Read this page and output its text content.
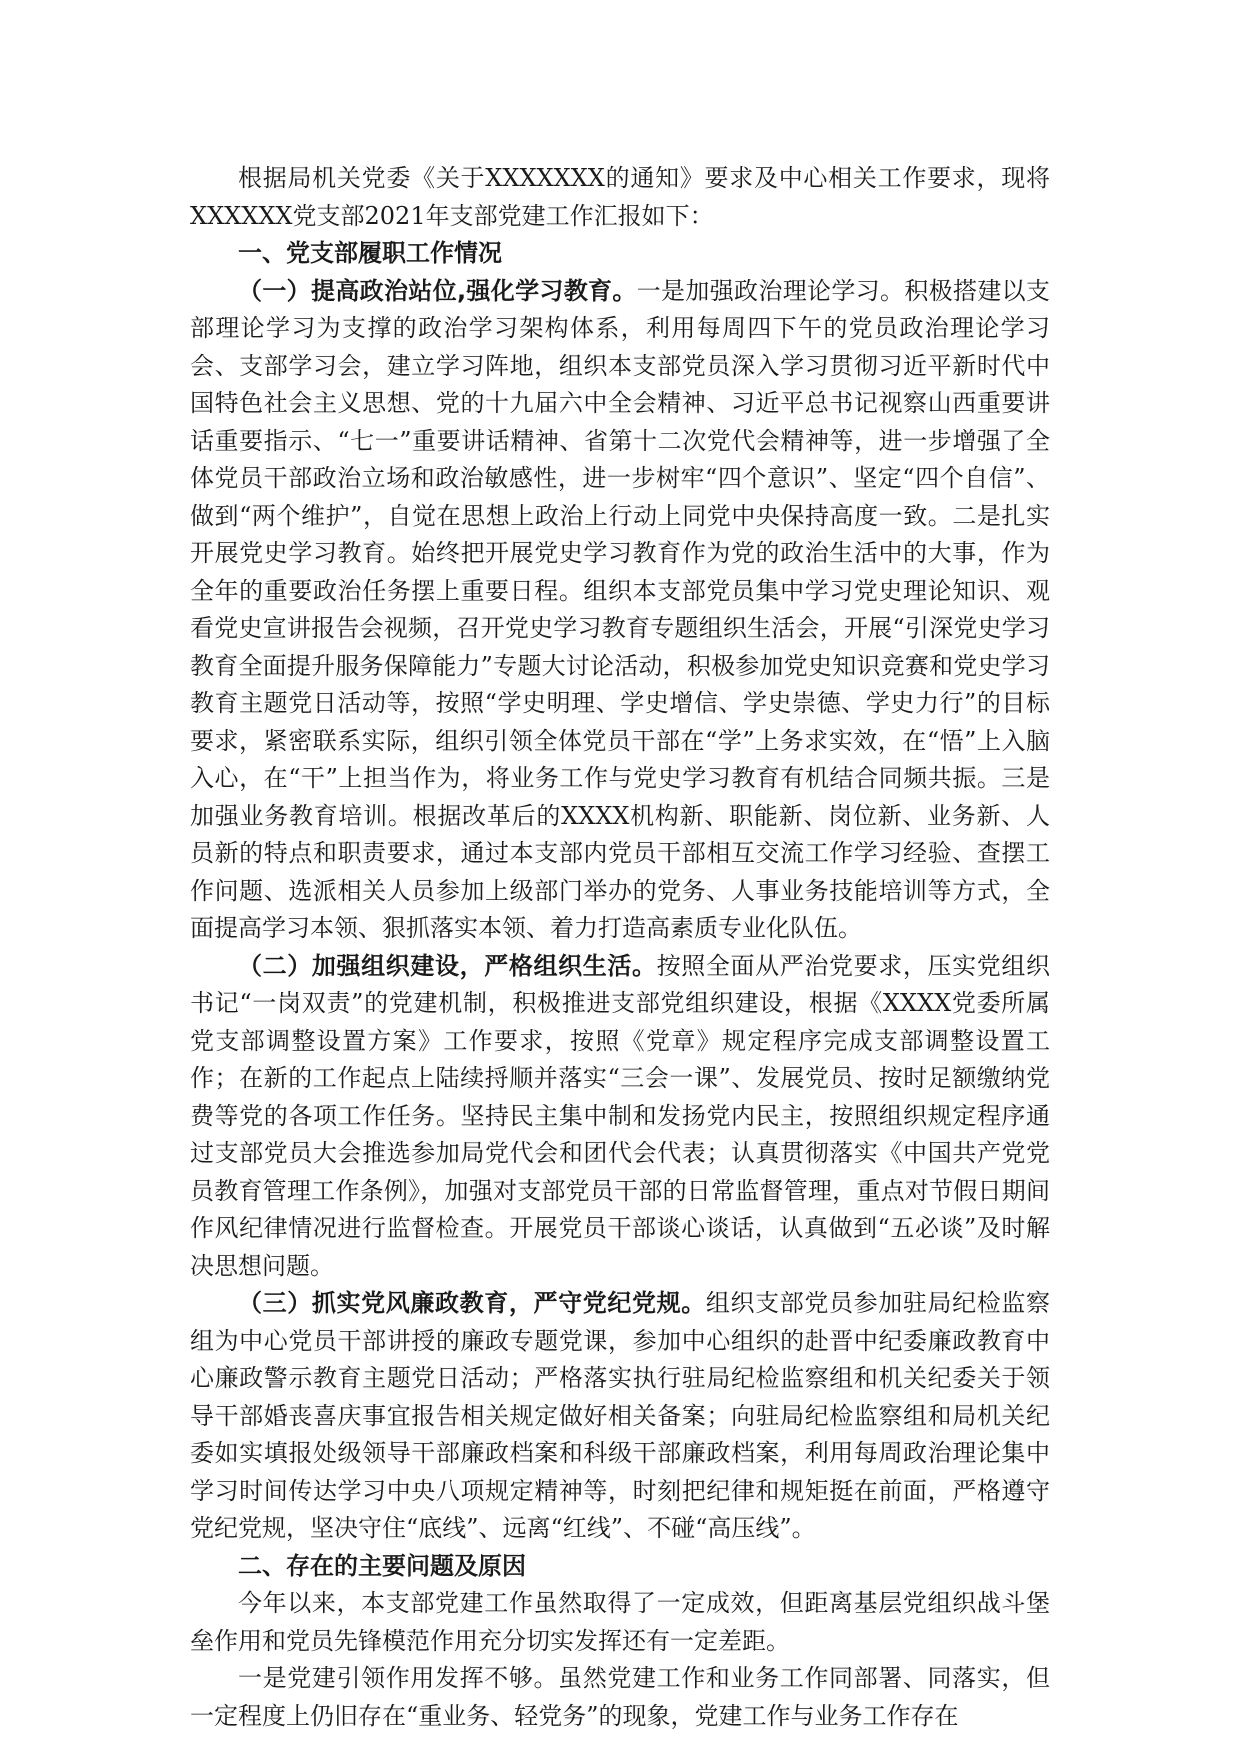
根据局机关党委《关于XXXXXXX的通知》要求及中心相关工作要求，现将XXXXXX党支部2021年支部党建工作汇报如下：

一、党支部履职工作情况

（一）提高政治站位,强化学习教育。一是加强政治理论学习。积极搭建以支部理论学习为支撑的政治学习架构体系，利用每周四下午的党员政治理论学习会、支部学习会，建立学习阵地，组织本支部党员深入学习贯彻习近平新时代中国特色社会主义思想、党的十九届六中全会精神、习近平总书记视察山西重要讲话重要指示、“七一”重要讲话精神、省第十二次党代会精神等，进一步增强了全体党员干部政治立场和政治敏感性，进一步树牢“四个意识”、坚定“四个自信”、做到“两个维护”，自觉在思想上政治上行动上同党中央保持高度一致。二是扎实开展党史学习教育。始终把开展党史学习教育作为党的政治生活中的大事，作为全年的重要政治任务摆上重要日程。组织本支部党员集中学习党史理论知识、观看党史宣讲报告会视频，召开党史学习教育专题组织生活会，开展“引深党史学习教育全面提升服务保障能力”专题大讨论活动，积极参加党史知识竞赛和党史学习教育主题党日活动等，按照“学史明理、学史增信、学史崇德、学史力行”的目标要求，紧密联系实际，组织引领全体党员干部在“学”上务求实效，在“悟”上入脑入心，在“干”上担当作为，将业务工作与党史学习教育有机结合同频共振。三是加强业务教育培训。根据改革后的XXXX机构新、职能新、岗位新、业务新、人员新的特点和职责要求，通过本支部内党员干部相互交流工作学习经验、查摆工作问题、选派相关人员参加上级部门举办的党务、人事业务技能培训等方式，全面提高学习本领、狠抓落实本领、着力打造高素质专业化队伍。

（二）加强组织建设，严格组织生活。按照全面从严治党要求，压实党组织书记“一岗双责”的党建机制，积极推进支部党组织建设，根据《XXXX党委所属党支部调整设置方案》工作要求，按照《党章》规定程序完成支部调整设置工作；在新的工作起点上陆续捋顺并落实“三会一课”、发展党员、按时足额缴纳党费等党的各项工作任务。坚持民主集中制和发扬党内民主，按照组织规定程序通过支部党员大会推选参加局党代会和团代会代表；认真贯彻落实《中国共产党党员教育管理工作条例》，加强对支部党员干部的日常监督管理，重点对节假日期间作风纪律情况进行监督检查。开展党员干部谈心谈话，认真做到“五必谈”及时解决思想问题。

（三）抓实党风廉政教育，严守党纪党规。组织支部党员参加驻局纪检监察组为中心党员干部讲授的廉政专题党课，参加中心组织的赴晋中纪委廉政教育中心廉政警示教育主题党日活动；严格落实执行驻局纪检监察组和机关纪委关于领导干部婚丧喜庆事宜报告相关规定做好相关备案；向驻局纪检监察组和局机关纪委如实填报处级领导干部廉政档案和科级干部廉政档案，利用每周政治理论集中学习时间传达学习中央八项规定精神等，时刻把纪律和规矩挺在前面，严格遵守党纪党规，坚决守住“底线”、远离“红线”、不碰“高压线”。

二、存在的主要问题及原因

今年以来，本支部党建工作虽然取得了一定成效，但距离基层党组织战斗堡垒作用和党员先锋模范作用充分切实发挥还有一定差距。

一是党建引领作用发挥不够。虽然党建工作和业务工作同部署、同落实，但一定程度上仍旧存在“重业务、轻党务”的现象，党建工作与业务工作存在
